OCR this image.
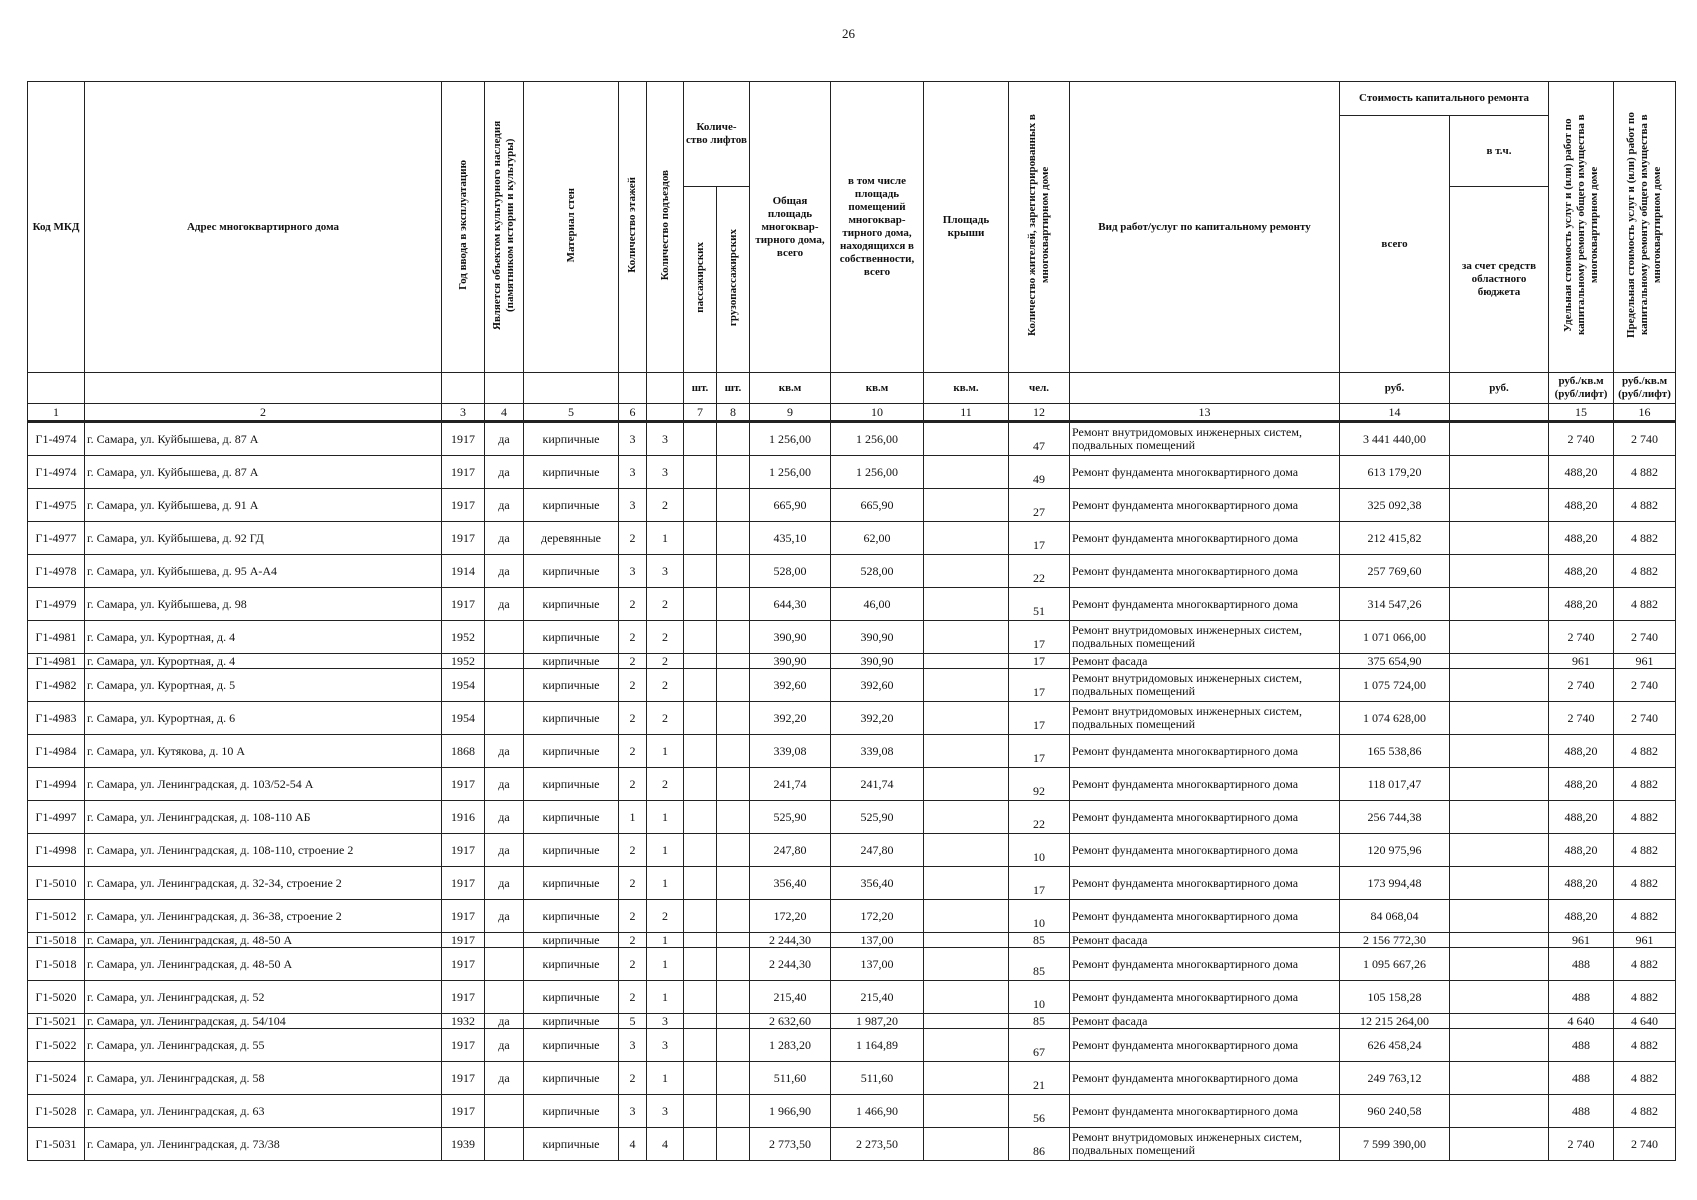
26
Код МКД	Адрес многоквартирного дома	Год ввода в эксплуатацию	Является объектом культурного наследия (памятником истории и культуры)	Материал стен	Количество этажей	Количество подъездов	Количе- ство лифтов		Общая площадь многоквар- тирного дома, всего	в том числе площадь помещений многоквар- тирного дома, находящихся в собственности, всего	Площадь крыши	Количество жителей, зарегистрированных в многоквартирном доме	Вид работ/услуг по капитальному ремонту	Стоимость капитального ремонта		Удельная стоимость услуг и (или) работ по капитальному ремонту общего имущества в многоквартирном доме	Предельная стоимость услуг и (или) работ по капитальному ремонту общего имущества в многоквартирном доме
														всего	в т.ч.		
							пассажирских	грузопассажирских							за счет средств областного бюджета		
							шт.	шт.	кв.м	кв.м	кв.м.	чел.		руб.	руб.	руб./кв.м (руб/лифт)	руб./кв.м (руб/лифт)
1	2	3	4	5	6		7	8	9	10	11	12	13	14		15	16
Г1-4974	г. Самара, ул. Куйбышева, д. 87 А	1917	да	кирпичные	3	3			1 256,00	1 256,00		47	Ремонт внутридомовых инженерных систем, подвальных помещений	3 441 440,00		2 740	2 740
Г1-4974	г. Самара, ул. Куйбышева, д. 87 А	1917	да	кирпичные	3	3			1 256,00	1 256,00		49	Ремонт фундамента многоквартирного дома	613 179,20		488,20	4 882
Г1-4975	г. Самара, ул. Куйбышева, д. 91 А	1917	да	кирпичные	3	2			665,90	665,90		27	Ремонт фундамента многоквартирного дома	325 092,38		488,20	4 882
Г1-4977	г. Самара, ул. Куйбышева, д. 92 ГД	1917	да	деревянные	2	1			435,10	62,00		17	Ремонт фундамента многоквартирного дома	212 415,82		488,20	4 882
Г1-4978	г. Самара, ул. Куйбышева, д. 95 А-А4	1914	да	кирпичные	3	3			528,00	528,00		22	Ремонт фундамента многоквартирного дома	257 769,60		488,20	4 882
Г1-4979	г. Самара, ул. Куйбышева, д. 98	1917	да	кирпичные	2	2			644,30	46,00		51	Ремонт фундамента многоквартирного дома	314 547,26		488,20	4 882
Г1-4981	г. Самара, ул. Курортная, д. 4	1952		кирпичные	2	2			390,90	390,90		17	Ремонт внутридомовых инженерных систем, подвальных помещений	1 071 066,00		2 740	2 740
Г1-4981	г. Самара, ул. Курортная, д. 4	1952		кирпичные	2	2			390,90	390,90		17	Ремонт фасада	375 654,90		961	961
Г1-4982	г. Самара, ул. Курортная, д. 5	1954		кирпичные	2	2			392,60	392,60		17	Ремонт внутридомовых инженерных систем, подвальных помещений	1 075 724,00		2 740	2 740
Г1-4983	г. Самара, ул. Курортная, д. 6	1954		кирпичные	2	2			392,20	392,20		17	Ремонт внутридомовых инженерных систем, подвальных помещений	1 074 628,00		2 740	2 740
Г1-4984	г. Самара, ул. Кутякова, д. 10 А	1868	да	кирпичные	2	1			339,08	339,08		17	Ремонт фундамента многоквартирного дома	165 538,86		488,20	4 882
Г1-4994	г. Самара, ул. Ленинградская, д. 103/52-54 А	1917	да	кирпичные	2	2			241,74	241,74		92	Ремонт фундамента многоквартирного дома	118 017,47		488,20	4 882
Г1-4997	г. Самара, ул. Ленинградская, д. 108-110 АБ	1916	да	кирпичные	1	1			525,90	525,90		22	Ремонт фундамента многоквартирного дома	256 744,38		488,20	4 882
Г1-4998	г. Самара, ул. Ленинградская, д. 108-110, строение 2	1917	да	кирпичные	2	1			247,80	247,80		10	Ремонт фундамента многоквартирного дома	120 975,96		488,20	4 882
Г1-5010	г. Самара, ул. Ленинградская, д. 32-34, строение 2	1917	да	кирпичные	2	1			356,40	356,40		17	Ремонт фундамента многоквартирного дома	173 994,48		488,20	4 882
Г1-5012	г. Самара, ул. Ленинградская, д. 36-38, строение 2	1917	да	кирпичные	2	2			172,20	172,20		10	Ремонт фундамента многоквартирного дома	84 068,04		488,20	4 882
Г1-5018	г. Самара, ул. Ленинградская, д. 48-50 А	1917		кирпичные	2	1			2 244,30	137,00		85	Ремонт фасада	2 156 772,30		961	961
Г1-5018	г. Самара, ул. Ленинградская, д. 48-50 А	1917		кирпичные	2	1			2 244,30	137,00		85	Ремонт фундамента многоквартирного дома	1 095 667,26		488	4 882
Г1-5020	г. Самара, ул. Ленинградская, д. 52	1917		кирпичные	2	1			215,40	215,40		10	Ремонт фундамента многоквартирного дома	105 158,28		488	4 882
Г1-5021	г. Самара, ул. Ленинградская, д. 54/104	1932	да	кирпичные	5	3			2 632,60	1 987,20		85	Ремонт фасада	12 215 264,00		4 640	4 640
Г1-5022	г. Самара, ул. Ленинградская, д. 55	1917	да	кирпичные	3	3			1 283,20	1 164,89		67	Ремонт фундамента многоквартирного дома	626 458,24		488	4 882
Г1-5024	г. Самара, ул. Ленинградская, д. 58	1917	да	кирпичные	2	1			511,60	511,60		21	Ремонт фундамента многоквартирного дома	249 763,12		488	4 882
Г1-5028	г. Самара, ул. Ленинградская, д. 63	1917		кирпичные	3	3			1 966,90	1 466,90		56	Ремонт фундамента многоквартирного дома	960 240,58		488	4 882
Г1-5031	г. Самара, ул. Ленинградская, д. 73/38	1939		кирпичные	4	4			2 773,50	2 273,50		86	Ремонт внутридомовых инженерных систем, подвальных помещений	7 599 390,00		2 740	2 740
